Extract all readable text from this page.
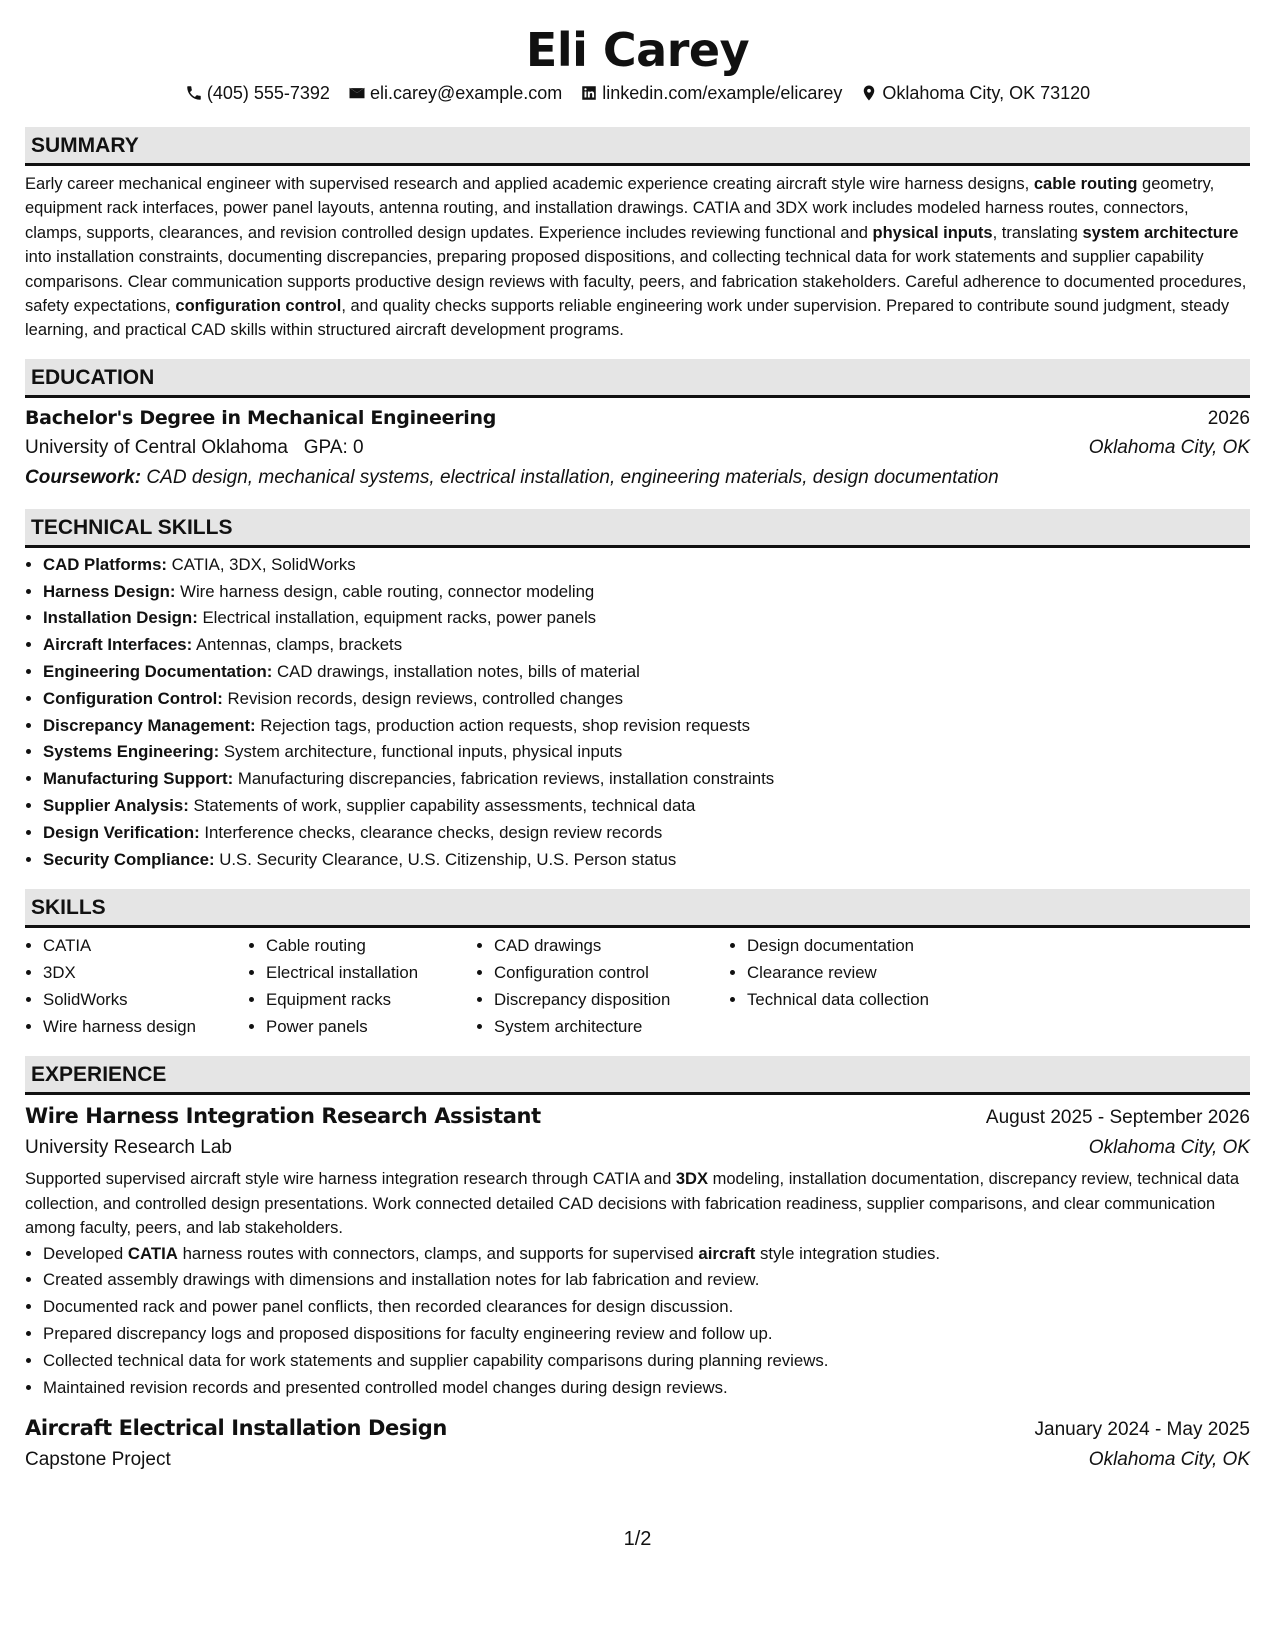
Eli Carey
(405) 555-7392 eli.carey@example.com linkedin.com/example/elicarey Oklahoma City, OK 73120
SUMMARY

Early career mechanical engineer with supervised research and applied academic experience creating aircraft style wire harness designs, cable routing geometry, equipment rack interfaces, power panel layouts, antenna routing, and installation drawings. CATIA and 3DX work includes modeled harness routes, connectors, clamps, supports, clearances, and revision controlled design updates. Experience includes reviewing functional and physical inputs, translating system architecture into installation constraints, documenting discrepancies, preparing proposed dispositions, and collecting technical data for work statements and supplier capability comparisons. Clear communication supports productive design reviews with faculty, peers, and fabrication stakeholders. Careful adherence to documented procedures, safety expectations, configuration control, and quality checks supports reliable engineering work under supervision. Prepared to contribute sound judgment, steady learning, and practical CAD skills within structured aircraft development programs.

EDUCATION
Bachelor's Degree in Mechanical Engineering	2026
University of Central Oklahoma GPA: 0	Oklahoma City, OK
Coursework: CAD design, mechanical systems, electrical installation, engineering materials, design documentation
TECHNICAL SKILLS
• CAD Platforms: CATIA, 3DX, SolidWorks
• Harness Design: Wire harness design, cable routing, connector modeling
• Installation Design: Electrical installation, equipment racks, power panels
• Aircraft Interfaces: Antennas, clamps, brackets
• Engineering Documentation: CAD drawings, installation notes, bills of material
• Configuration Control: Revision records, design reviews, controlled changes
• Discrepancy Management: Rejection tags, production action requests, shop revision requests
• Systems Engineering: System architecture, functional inputs, physical inputs
• Manufacturing Support: Manufacturing discrepancies, fabrication reviews, installation constraints
• Supplier Analysis: Statements of work, supplier capability assessments, technical data
• Design Verification: Interference checks, clearance checks, design review records
• Security Compliance: U.S. Security Clearance, U.S. Citizenship, U.S. Person status
SKILLS
• CATIA
• 3DX
• SolidWorks
• Wire harness design
• Cable routing
• Electrical installation
• Equipment racks
• Power panels
• CAD drawings
• Configuration control
• Discrepancy disposition
• System architecture
• Design documentation
• Clearance review
• Technical data collection
EXPERIENCE
Wire Harness Integration Research Assistant	August 2025 - September 2026
University Research Lab	Oklahoma City, OK

Supported supervised aircraft style wire harness integration research through CATIA and 3DX modeling, installation documentation, discrepancy review, technical data collection, and controlled design presentations. Work connected detailed CAD decisions with fabrication readiness, supplier comparisons, and clear communication among faculty, peers, and lab stakeholders.

• Developed CATIA harness routes with connectors, clamps, and supports for supervised aircraft style integration studies.
• Created assembly drawings with dimensions and installation notes for lab fabrication and review.
• Documented rack and power panel conflicts, then recorded clearances for design discussion.
• Prepared discrepancy logs and proposed dispositions for faculty engineering review and follow up.
• Collected technical data for work statements and supplier capability comparisons during planning reviews.
• Maintained revision records and presented controlled model changes during design reviews.
Aircraft Electrical Installation Design	January 2024 - May 2025
Capstone Project	Oklahoma City, OK
1/2
